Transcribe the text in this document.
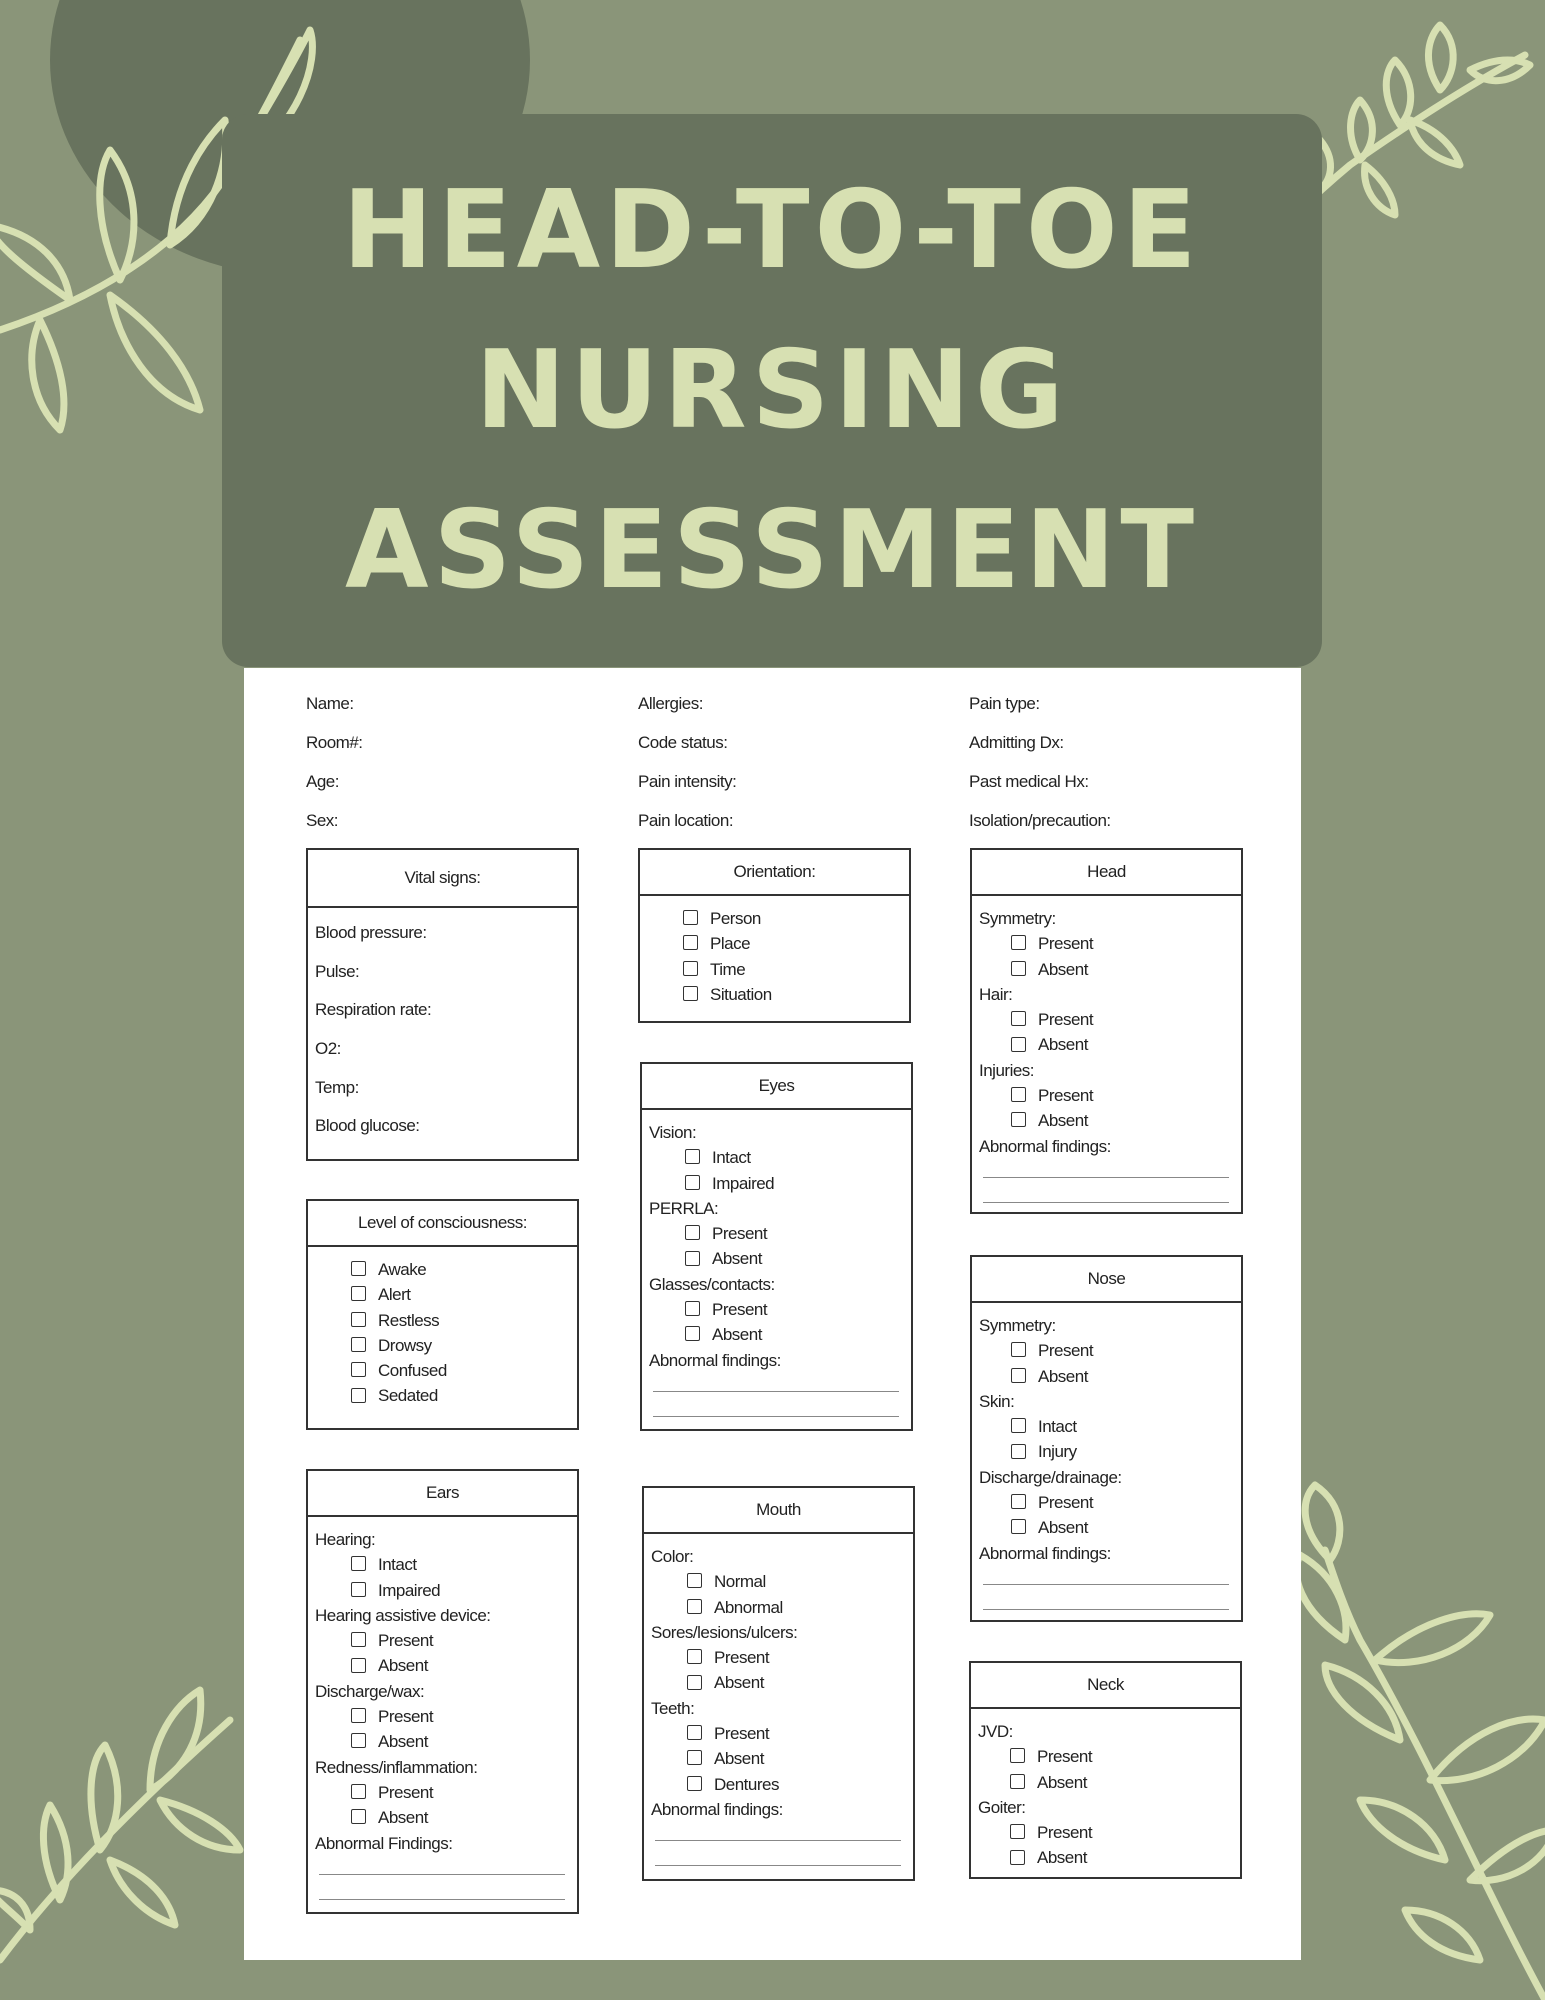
HEAD-TO-TOE
NURSING
ASSESSMENT
Name:
Room#:
Age:
Sex:
Allergies:
Code status:
Pain intensity:
Pain location:
Pain type:
Admitting Dx:
Past medical Hx:
Isolation/precaution:
Vital signs:
Blood pressure:
Pulse:
Respiration rate:
O2:
Temp:
Blood glucose:
Level of consciousness:
Awake
Alert
Restless
Drowsy
Confused
Sedated
Ears
Hearing:
Intact
Impaired
Hearing assistive device:
Present
Absent
Discharge/wax:
Present
Absent
Redness/inflammation:
Present
Absent
Abnormal Findings:
Orientation:
Person
Place
Time
Situation
Eyes
Vision:
Intact
Impaired
PERRLA:
Present
Absent
Glasses/contacts:
Present
Absent
Abnormal findings:
Mouth
Color:
Normal
Abnormal
Sores/lesions/ulcers:
Present
Absent
Teeth:
Present
Absent
Dentures
Abnormal findings:
Head
Symmetry:
Present
Absent
Hair:
Present
Absent
Injuries:
Present
Absent
Abnormal findings:
Nose
Symmetry:
Present
Absent
Skin:
Intact
Injury
Discharge/drainage:
Present
Absent
Abnormal findings:
Neck
JVD:
Present
Absent
Goiter:
Present
Absent
